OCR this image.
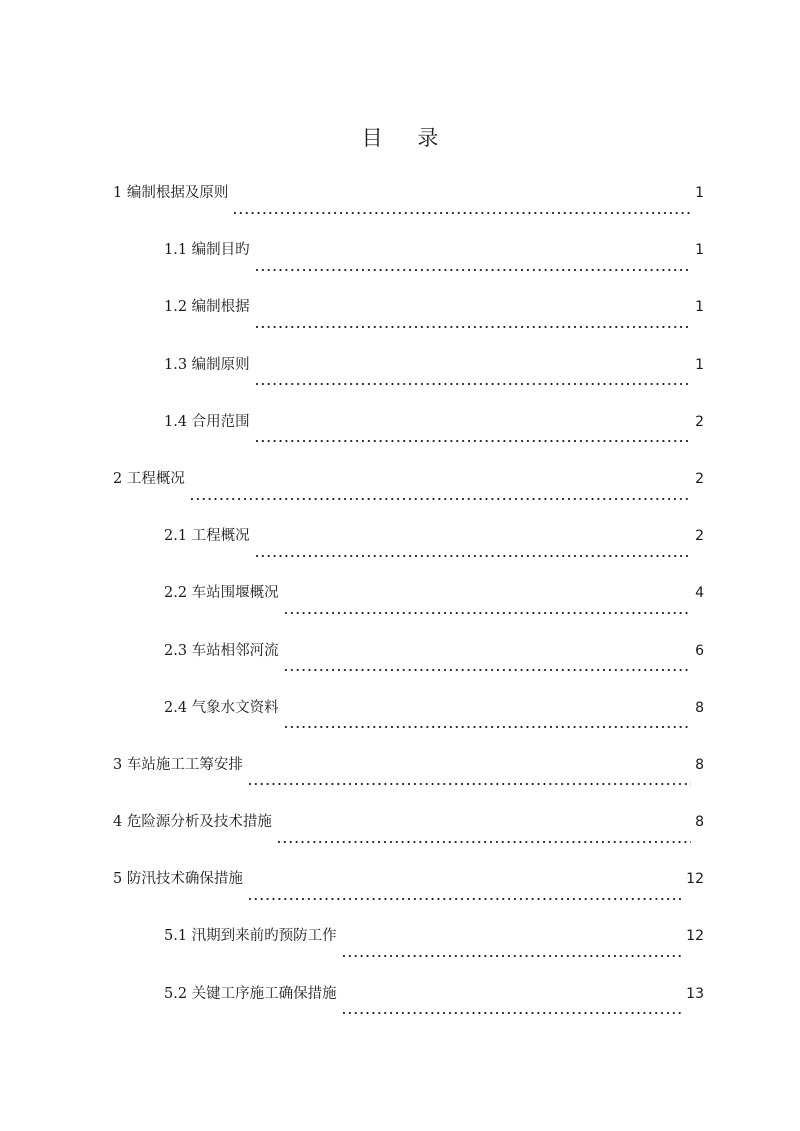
目 录
1 编制根据及原则	1
1.1 编制目旳	1
1.2 编制根据	1
1.3 编制原则	1
1.4 合用范围	2
2 工程概况	2
2.1 工程概况	2
2.2 车站围堰概况	4
2.3 车站相邻河流	6
2.4 气象水文资料	8
3 车站施工工筹安排	8
4 危险源分析及技术措施	8
5 防汛技术确保措施	12
5.1 汛期到来前旳预防工作	12
5.2 关键工序施工确保措施	13
